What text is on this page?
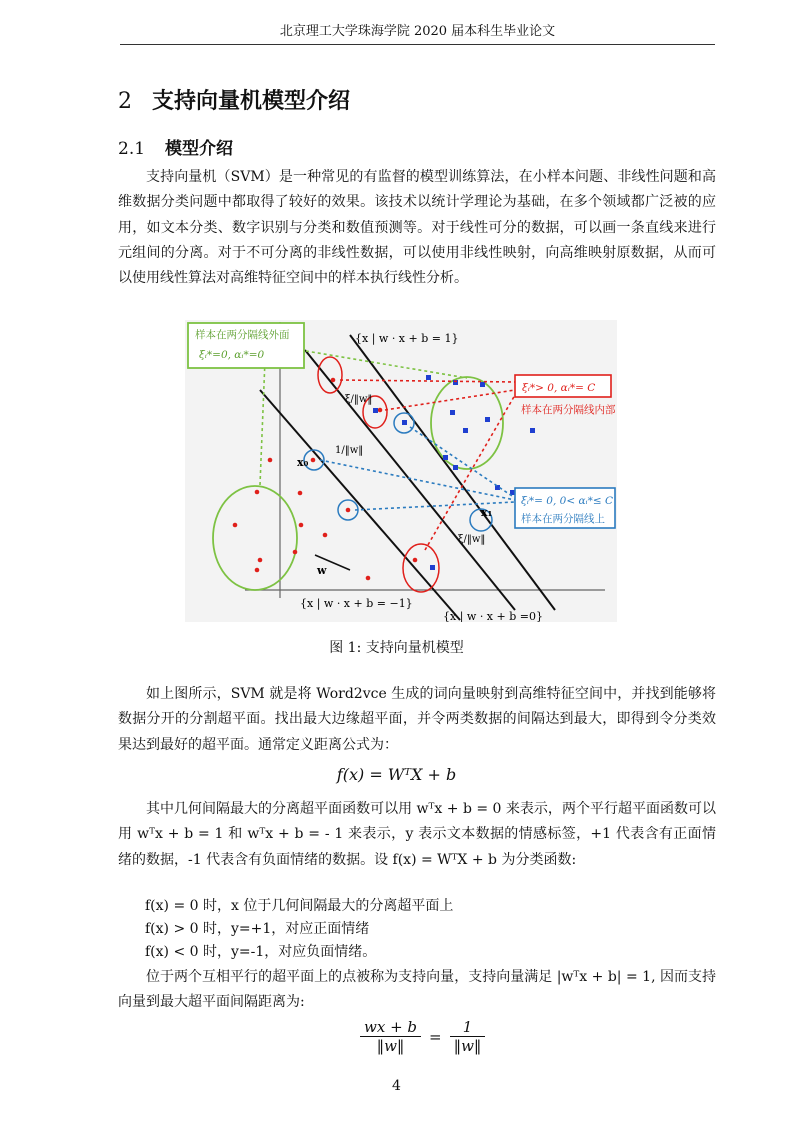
北京理工大学珠海学院 2020 届本科生毕业论文
2 支持向量机模型介绍
2.1 模型介绍
支持向量机（SVM）是一种常见的有监督的模型训练算法，在小样本问题、非线性问题和高维数据分类问题中都取得了较好的效果。该技术以统计学理论为基础，在多个领域都广泛被的应用，如文本分类、数字识别与分类和数值预测等。对于线性可分的数据，可以画一条直线来进行元组间的分离。对于不可分离的非线性数据，可以使用非线性映射，向高维映射原数据，从而可以使用线性算法对高维特征空间中的样本执行线性分析。
样本在两分隔线外面
ξᵢ*=0, αᵢ*=0
ξᵢ*> 0, αᵢ*= C
样本在两分隔线内部
ξᵢ*= 0, 0< αᵢ*≤ C
样本在两分隔线上
{x | w · x + b = 1}
{x | w · x + b = −1}
{x | w · x + b =0}
x₀
x₁
w
1/‖w‖
ξ/‖w‖
ξ/‖w‖
图 1: 支持向量机模型
如上图所示，SVM 就是将 Word2vce 生成的词向量映射到高维特征空间中，并找到能够将数据分开的分割超平面。找出最大边缘超平面，并令两类数据的间隔达到最大，即得到令分类效果达到最好的超平面。通常定义距离公式为：
f(x) = WᵀX + b
其中几何间隔最大的分离超平面函数可以用 wᵀx + b = 0 来表示，两个平行超平面函数可以用 wᵀx + b = 1 和 wᵀx + b = - 1 来表示，y 表示文本数据的情感标签，+1 代表含有正面情绪的数据，-1 代表含有负面情绪的数据。设 f(x) = WᵀX + b 为分类函数:
f(x) = 0 时，x 位于几何间隔最大的分离超平面上
f(x) > 0 时，y=+1，对应正面情绪
f(x) < 0 时，y=-1，对应负面情绪。
位于两个互相平行的超平面上的点被称为支持向量，支持向量满足 |wᵀx + b| = 1, 因而支持向量到最大超平面间隔距离为:
$\frac{wx + b}{‖w‖} = \frac{1}{‖w‖}$
4
